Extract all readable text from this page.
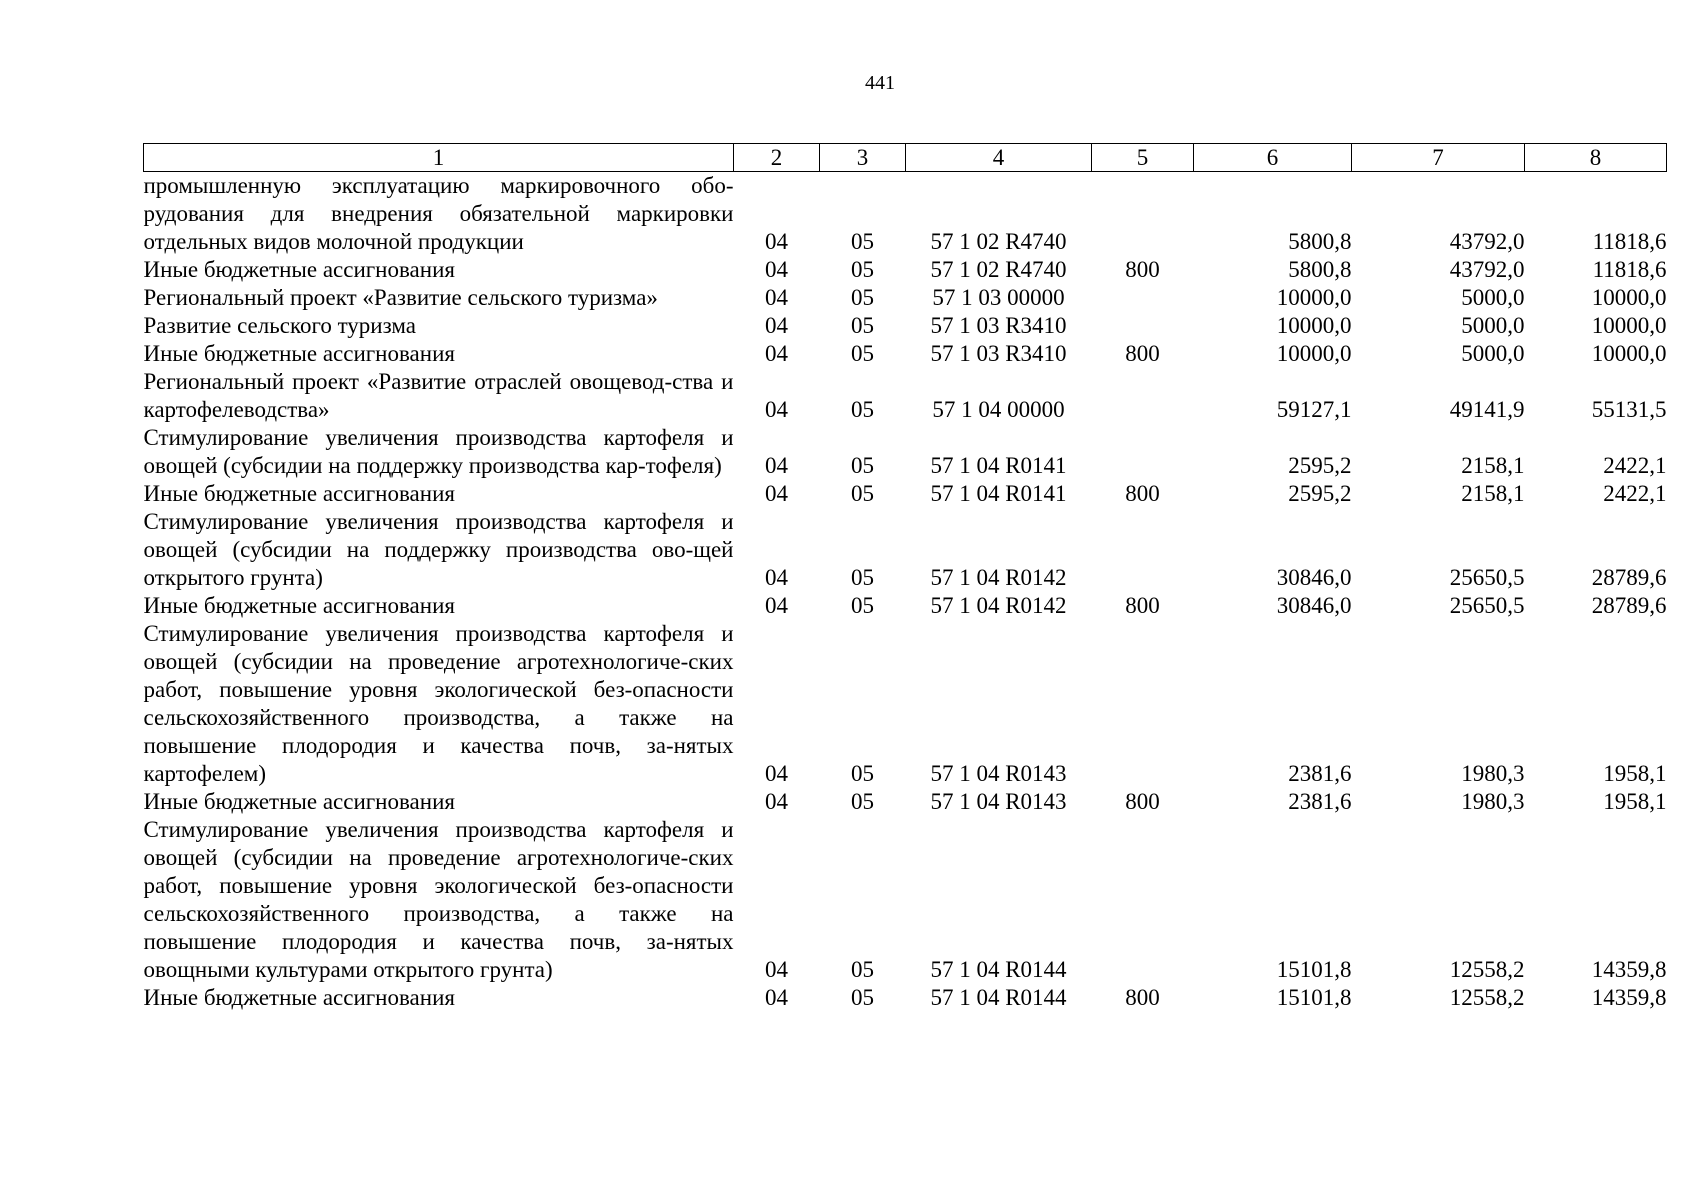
441
1	2	3	4	5	6	7	8
промышленную эксплуатацию маркировочного обо-рудования для внедрения обязательной маркировки отдельных видов молочной продукции	04	05	57 1 02 R4740		5800,8	43792,0	11818,6
Иные бюджетные ассигнования	04	05	57 1 02 R4740	800	5800,8	43792,0	11818,6
Региональный проект «Развитие сельского туризма»	04	05	57 1 03 00000		10000,0	5000,0	10000,0
Развитие сельского туризма	04	05	57 1 03 R3410		10000,0	5000,0	10000,0
Иные бюджетные ассигнования	04	05	57 1 03 R3410	800	10000,0	5000,0	10000,0
Региональный проект «Развитие отраслей овощевод-ства и картофелеводства»	04	05	57 1 04 00000		59127,1	49141,9	55131,5
Стимулирование увеличения производства картофеля и овощей (субсидии на поддержку производства кар-тофеля)	04	05	57 1 04 R0141		2595,2	2158,1	2422,1
Иные бюджетные ассигнования	04	05	57 1 04 R0141	800	2595,2	2158,1	2422,1
Стимулирование увеличения производства картофеля и овощей (субсидии на поддержку производства ово-щей открытого грунта)	04	05	57 1 04 R0142		30846,0	25650,5	28789,6
Иные бюджетные ассигнования	04	05	57 1 04 R0142	800	30846,0	25650,5	28789,6
Стимулирование увеличения производства картофеля и овощей (субсидии на проведение агротехнологиче-ских работ, повышение уровня экологической без-опасности сельскохозяйственного производства, а также на повышение плодородия и качества почв, за-нятых картофелем)	04	05	57 1 04 R0143		2381,6	1980,3	1958,1
Иные бюджетные ассигнования	04	05	57 1 04 R0143	800	2381,6	1980,3	1958,1
Стимулирование увеличения производства картофеля и овощей (субсидии на проведение агротехнологиче-ских работ, повышение уровня экологической без-опасности сельскохозяйственного производства, а также на повышение плодородия и качества почв, за-нятых овощными культурами открытого грунта)	04	05	57 1 04 R0144		15101,8	12558,2	14359,8
Иные бюджетные ассигнования	04	05	57 1 04 R0144	800	15101,8	12558,2	14359,8
